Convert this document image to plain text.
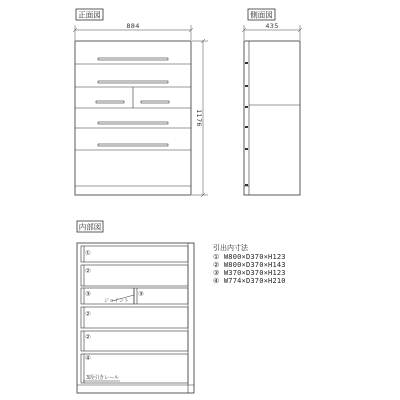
正面図
884
1176
側面図
435
内部図
①
②
③	③
②
②
④
ジョイント
3段引きレール
引出内寸法
① W800×D370×H123
② W800×D370×H143
③ W370×D370×H123
④ W774×D370×H210
